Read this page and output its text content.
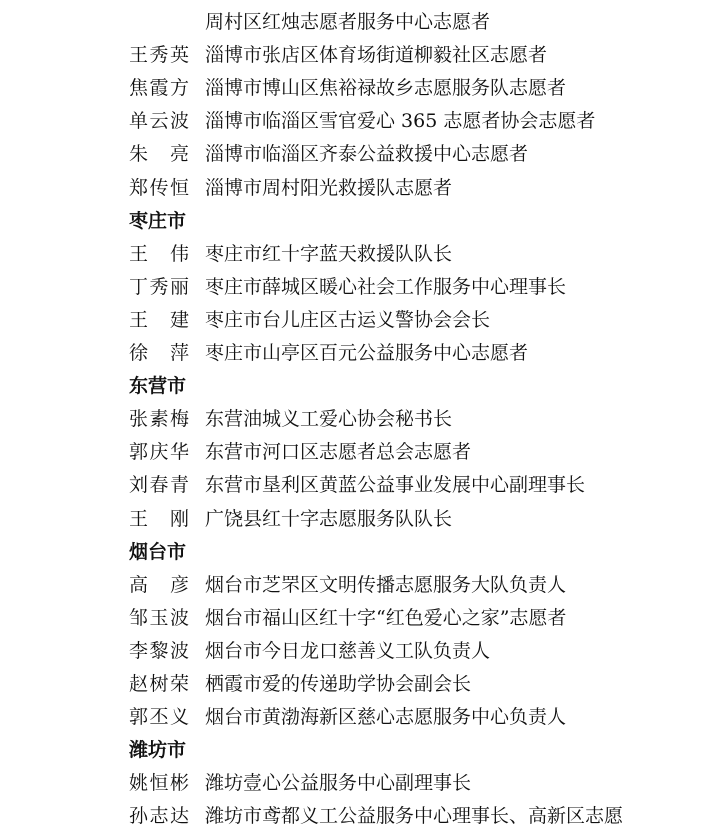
周村区红烛志愿者服务中心志愿者
王秀英 淄博市张店区体育场街道柳毅社区志愿者
焦霞方 淄博市博山区焦裕禄故乡志愿服务队志愿者
单云波 淄博市临淄区雪官爱心 365 志愿者协会志愿者
朱 亮 淄博市临淄区齐泰公益救援中心志愿者
郑传恒 淄博市周村阳光救援队志愿者
枣庄市
王 伟 枣庄市红十字蓝天救援队队长
丁秀丽 枣庄市薛城区暖心社会工作服务中心理事长
王 建 枣庄市台儿庄区古运义警协会会长
徐 萍 枣庄市山亭区百元公益服务中心志愿者
东营市
张素梅 东营油城义工爱心协会秘书长
郭庆华 东营市河口区志愿者总会志愿者
刘春青 东营市垦利区黄蓝公益事业发展中心副理事长
王 刚 广饶县红十字志愿服务队队长
烟台市
高 彦 烟台市芝罘区文明传播志愿服务大队负责人
邹玉波 烟台市福山区红十字“红色爱心之家”志愿者
李黎波 烟台市今日龙口慈善义工队负责人
赵树荣 栖霞市爱的传递助学协会副会长
郭丕义 烟台市黄渤海新区慈心志愿服务中心负责人
潍坊市
姚恒彬 潍坊壹心公益服务中心副理事长
孙志达 潍坊市鸢都义工公益服务中心理事长、高新区志愿
